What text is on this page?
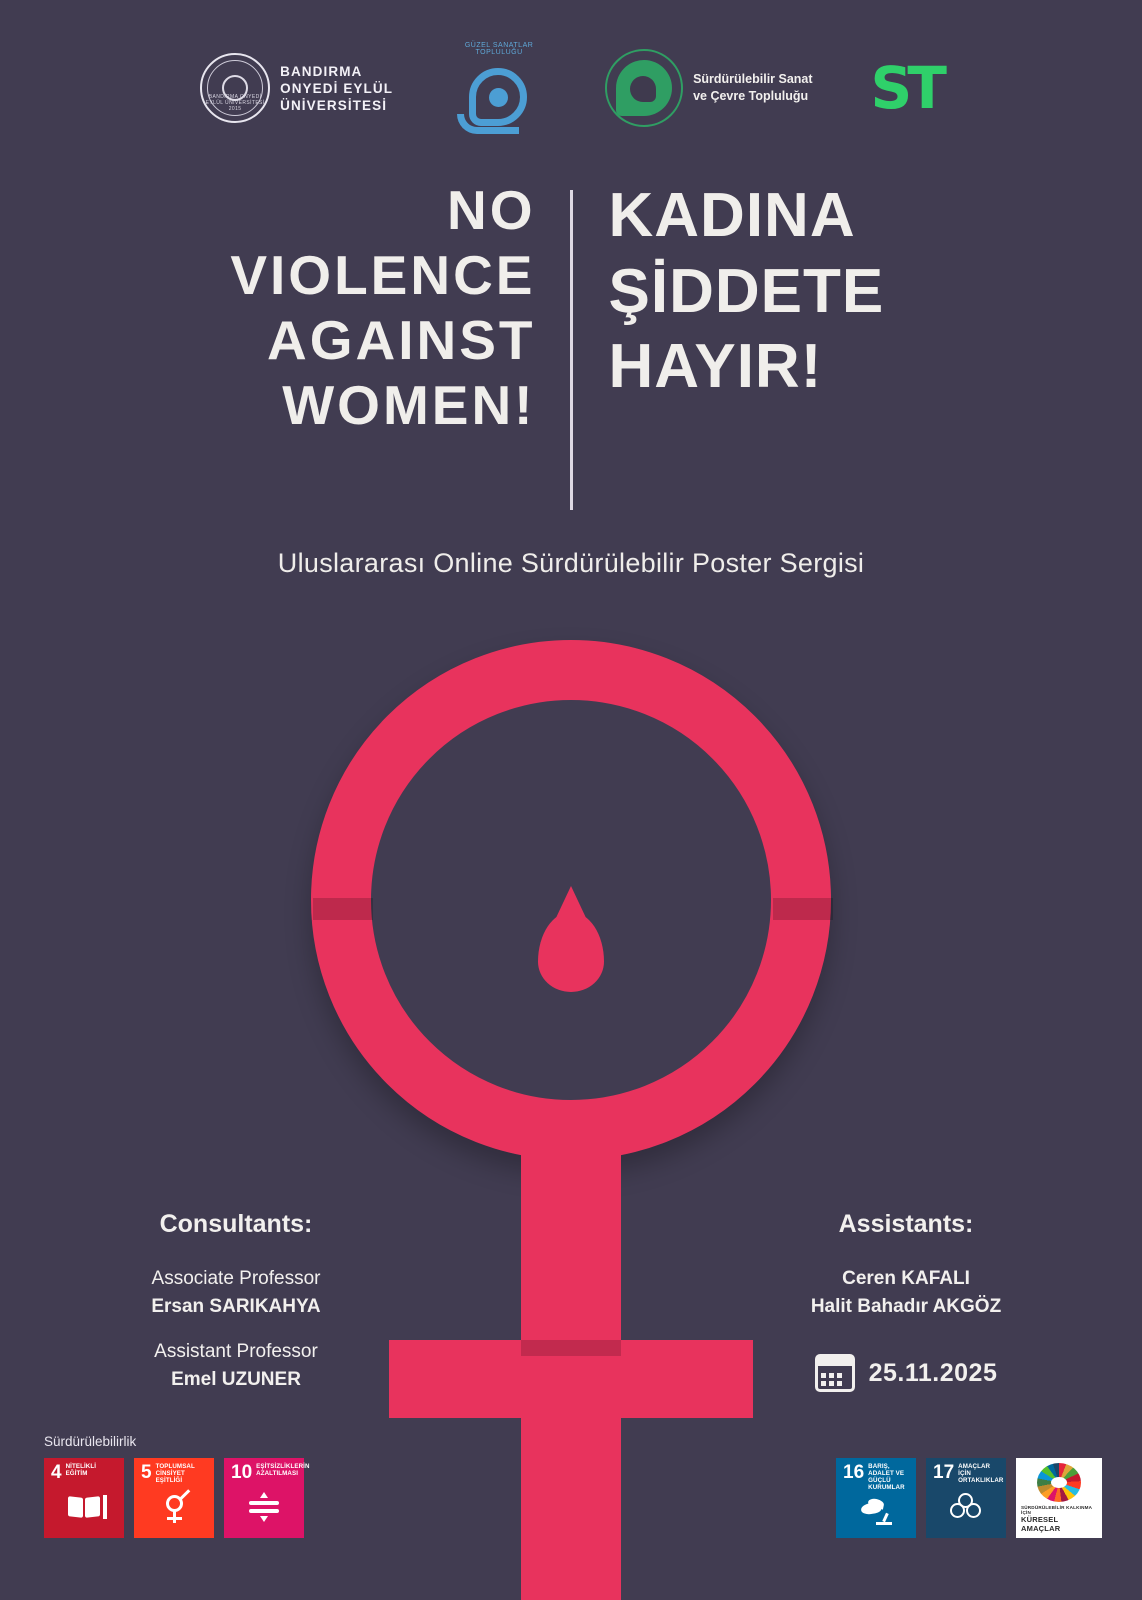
BANDIRMA ONYEDİ EYLÜL ÜNİVERSİTESİ 2015
BANDIRMA
ONYEDİ EYLÜL
ÜNİVERSİTESİ
GÜZEL SANATLAR TOPLULUĞU
Sürdürülebilir Sanat
ve Çevre Topluluğu ST
NO
VIOLENCE
AGAINST
WOMEN!
KADINA
ŞİDDETE
HAYIR!
Uluslararası Online Sürdürülebilir Poster Sergisi
Consultants:
Associate Professor
Ersan SARIKAHYA
Assistant Professor
Emel UZUNER
Assistants:
Ceren KAFALI
Halit Bahadır AKGÖZ
25.11.2025
Sürdürülebilirlik
4 NİTELİKLİ
EĞİTİM	5 TOPLUMSAL
CİNSİYET EŞİTLİĞİ	10 EŞİTSİZLİKLERİN
AZALTILMASI	16 BARIŞ, ADALET VE
GÜÇLÜ KURUMLAR
17 AMAÇLAR İÇİN
ORTAKLIKLAR
SÜRDÜRÜLEBİLİR KALKINMA İÇİN
KÜRESEL AMAÇLAR
